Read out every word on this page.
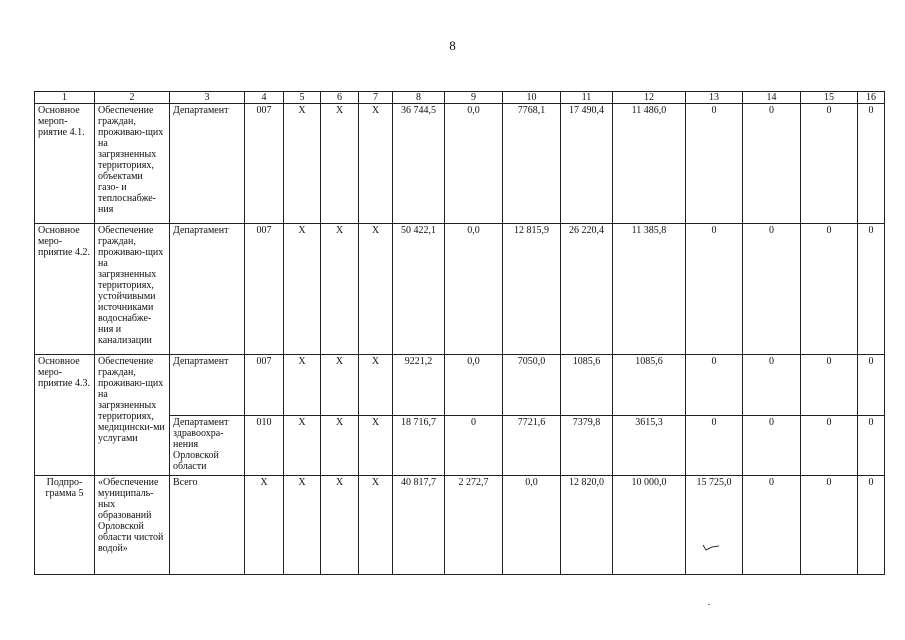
8
1	2	3	4	5	6	7	8	9	10	11	12	13	14	15	16
Основное мероп-риятие 4.1.	Обеспечение граждан, проживаю-щих на загрязненных территориях, объектами газо- и теплоснабже-ния	Департамент	007	X	X	X	36 744,5	0,0	7768,1	17 490,4	11 486,0	0	0	0	0
Основное меро-приятие 4.2.	Обеспечение граждан, проживаю-щих на загрязненных территориях, устойчивыми источниками водоснабже-ния и канализации	Департамент	007	X	X	X	50 422,1	0,0	12 815,9	26 220,4	11 385,8	0	0	0	0
Основное меро-приятие 4.3.	Обеспечение граждан, проживаю-щих на загрязненных территориях, медицински-ми услугами	Департамент	007	X	X	X	9221,2	0,0	7050,0	1085,6	1085,6	0	0	0	0
		Департамент здравоохра-нения Орловской области	010	X	X	X	18 716,7	0	7721,6	7379,8	3615,3	0	0	0	0
Подпро-грамма 5	«Обеспечение муниципаль-ных образований Орловской области чистой водой»	Всего	X	X	X	X	40 817,7	2 272,7	0,0	12 820,0	10 000,0	15 725,0	0	0	0
